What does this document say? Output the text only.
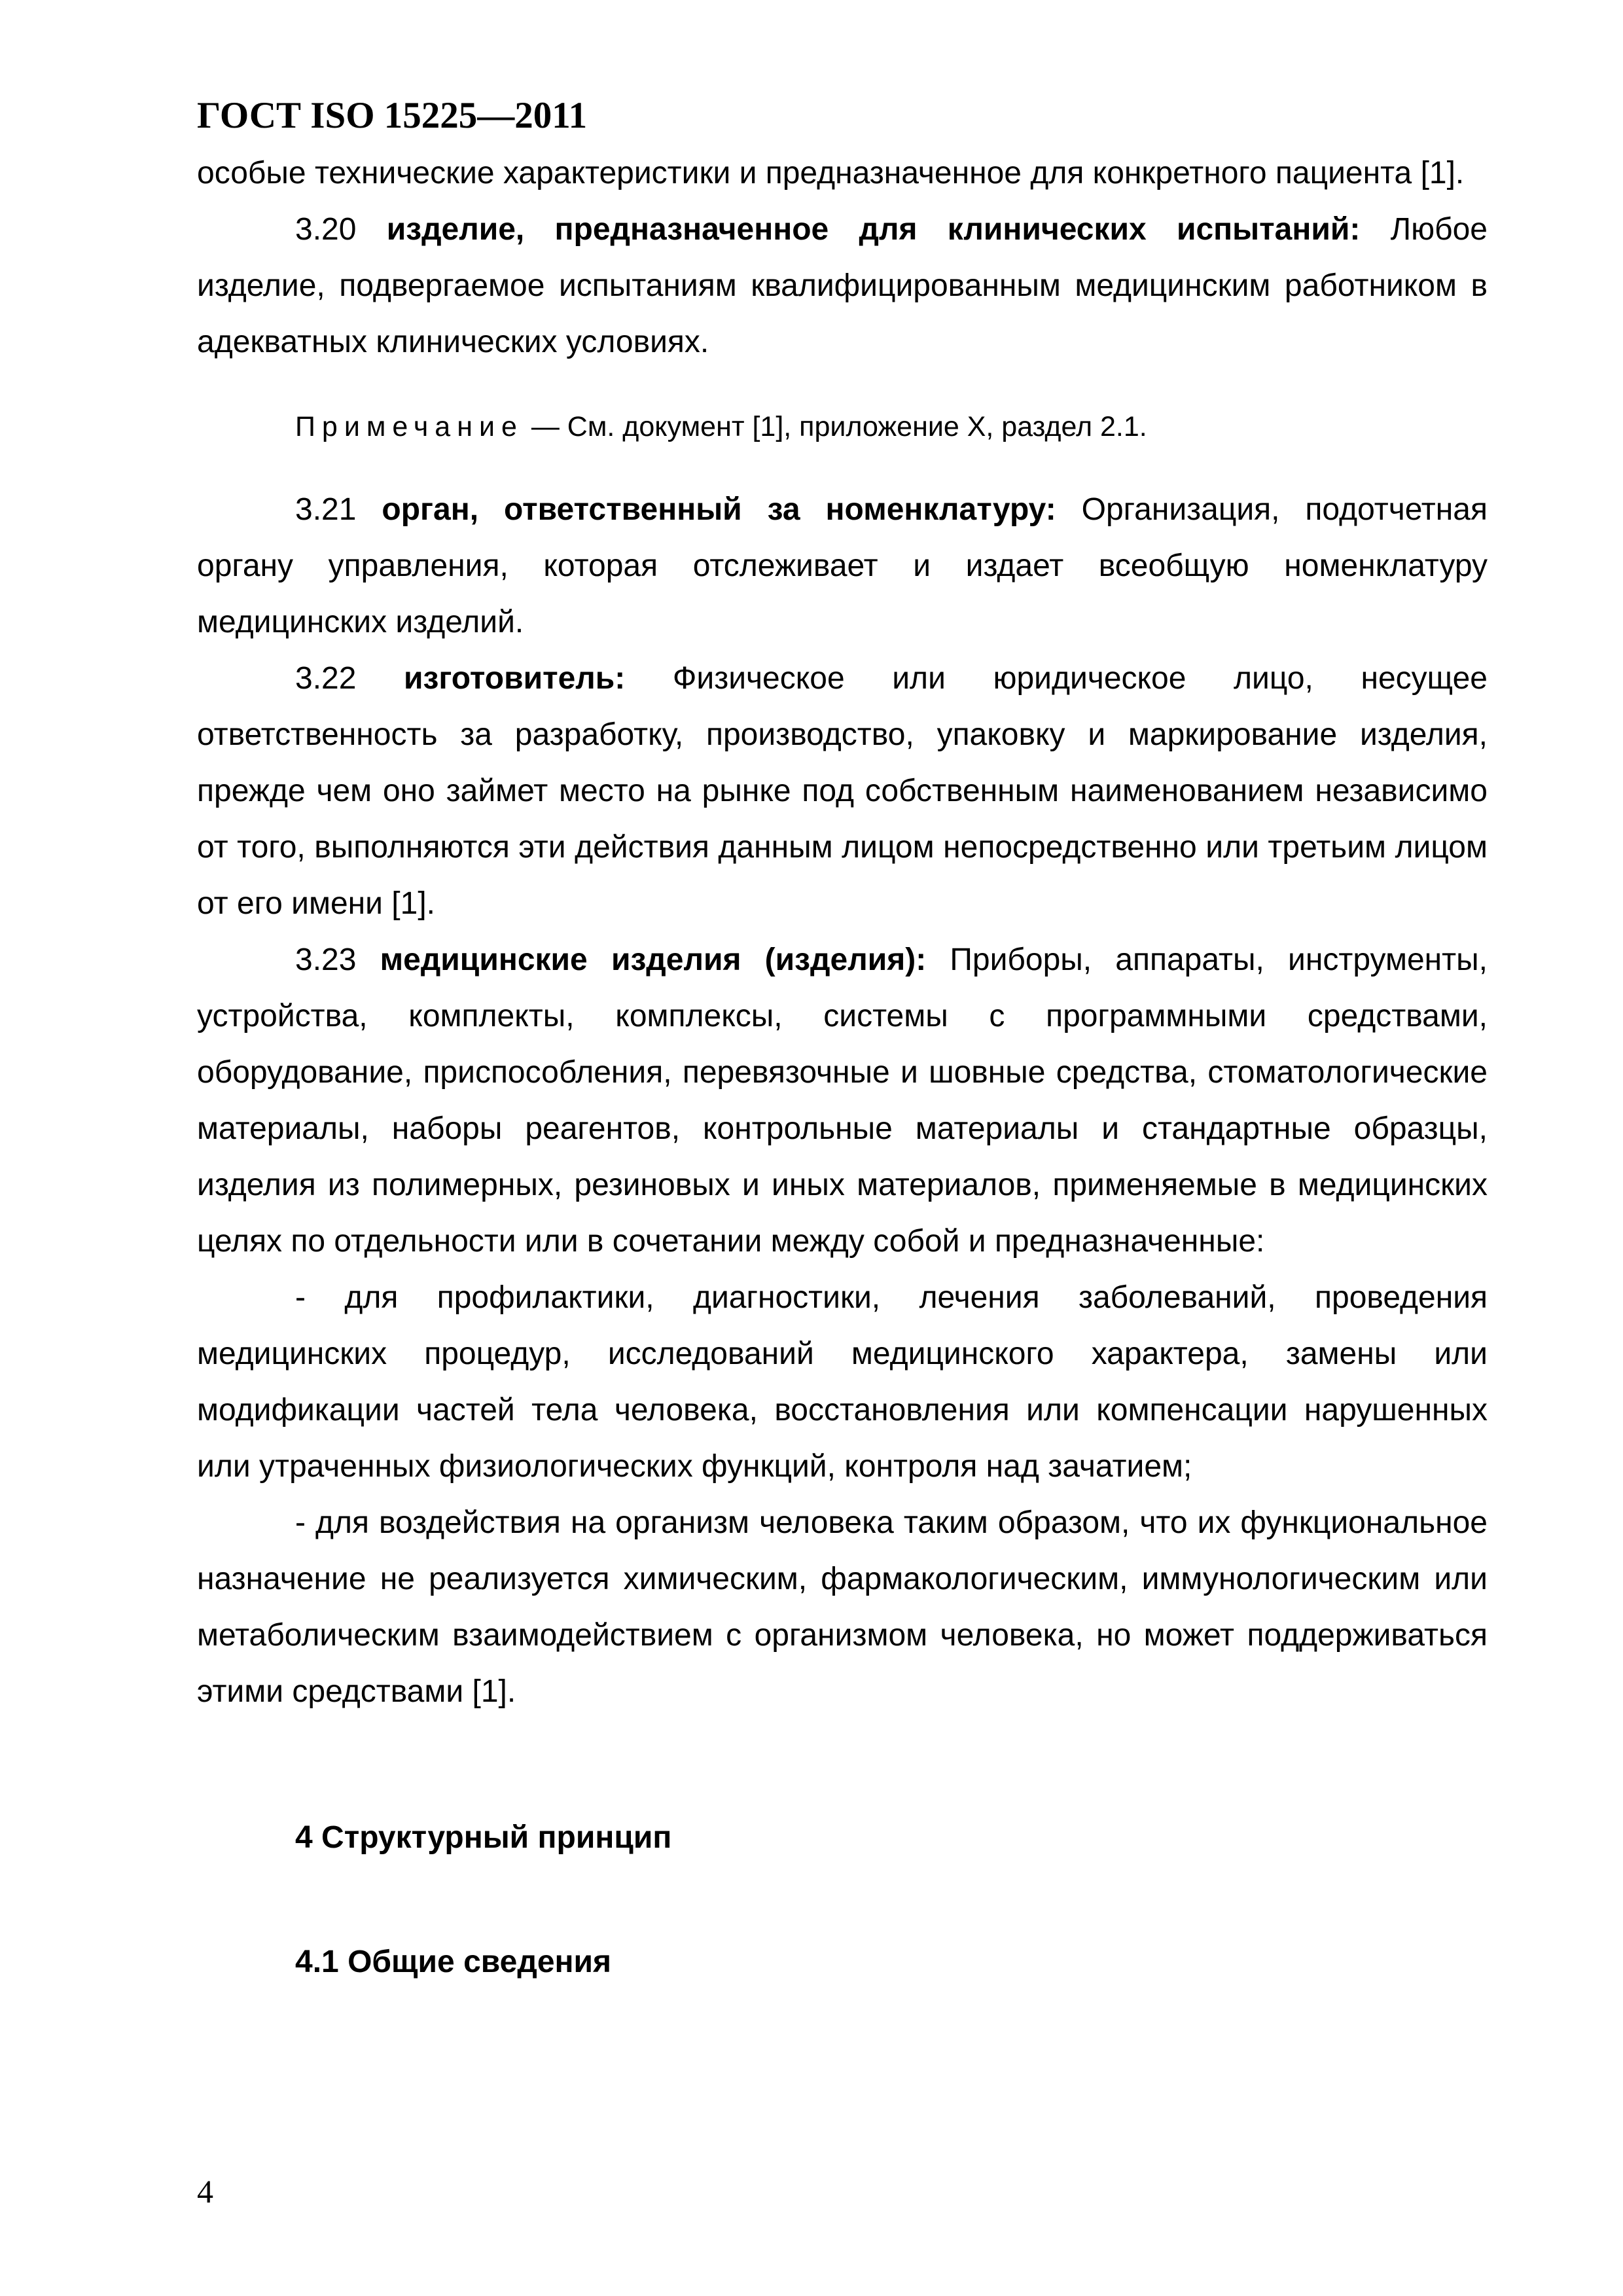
ГОСТ ISO 15225—2011

особые технические характеристики и предназначенное для конкретного пациента [1].

3.20 изделие, предназначенное для клинических испытаний: Любое изделие, подвергаемое испытаниям квалифицированным медицинским работником в адекватных клинических условиях.

Примечание — См. документ [1], приложение Х, раздел 2.1.

3.21 орган, ответственный за номенклатуру: Организация, подотчетная органу управления, которая отслеживает и издает всеобщую номенклатуру медицинских изделий.

3.22 изготовитель: Физическое или юридическое лицо, несущее ответственность за разработку, производство, упаковку и маркирование изделия, прежде чем оно займет место на рынке под собственным наименованием независимо от того, выполняются эти действия данным лицом непосредственно или третьим лицом от его имени [1].

3.23 медицинские изделия (изделия): Приборы, аппараты, инструменты, устройства, комплекты, комплексы, системы с программными средствами, оборудование, приспособления, перевязочные и шовные средства, стоматологические материалы, наборы реагентов, контрольные материалы и стандартные образцы, изделия из полимерных, резиновых и иных материалов, применяемые в медицинских целях по отдельности или в сочетании между собой и предназначенные:

- для профилактики, диагностики, лечения заболеваний, проведения медицинских процедур, исследований медицинского характера, замены или модификации частей тела человека, восстановления или компенсации нарушенных или утраченных физиологических функций, контроля над зачатием;

- для воздействия на организм человека таким образом, что их функциональное назначение не реализуется химическим, фармакологическим, иммунологическим или метаболическим взаимодействием с организмом человека, но может поддерживаться этими средствами [1].

4 Структурный принцип

4.1 Общие сведения

4
